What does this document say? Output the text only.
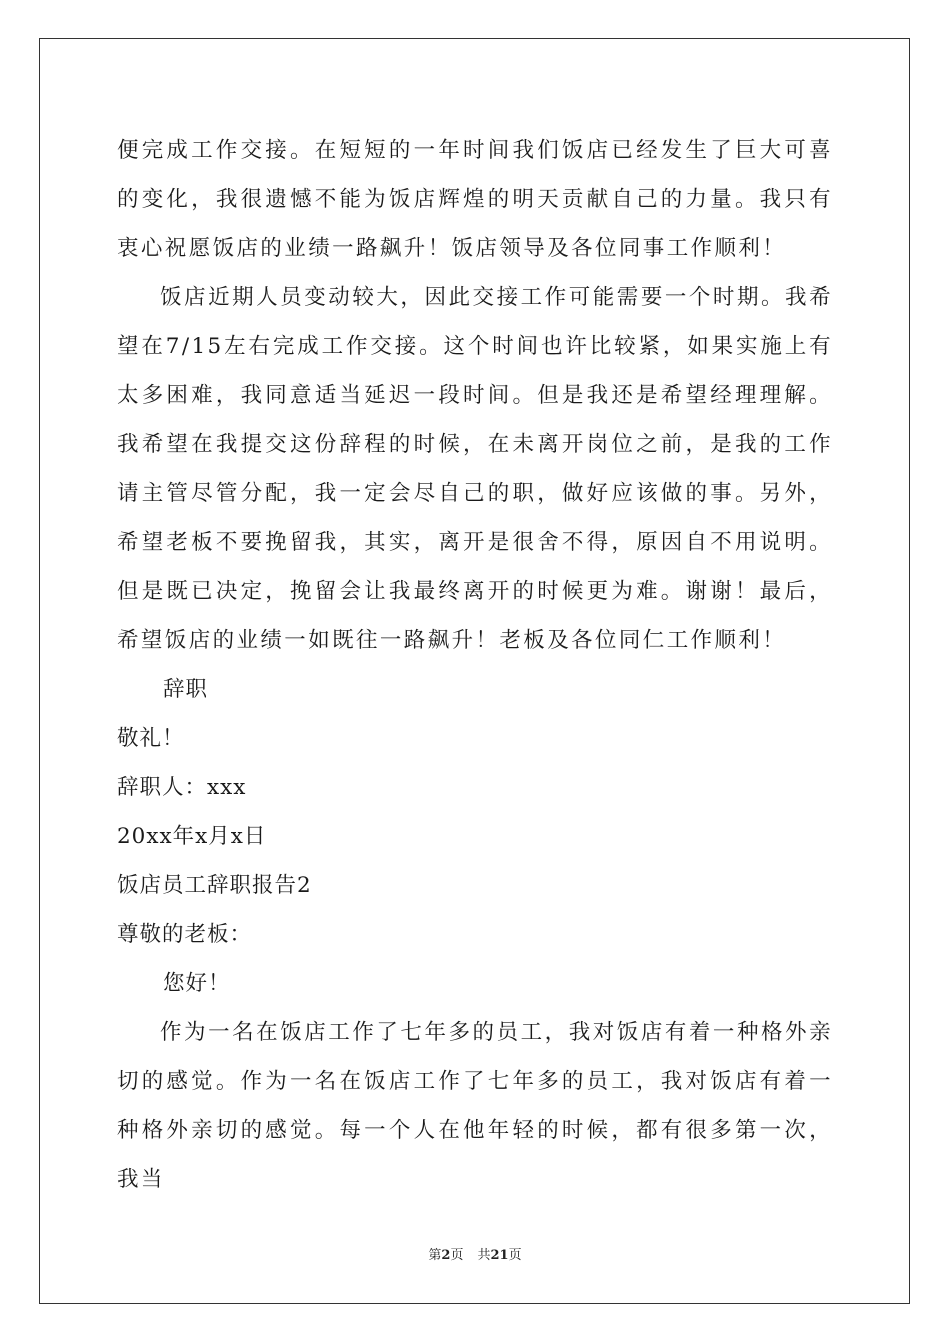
便完成工作交接。在短短的一年时间我们饭店已经发生了巨大可喜的变化，我很遗憾不能为饭店辉煌的明天贡献自己的力量。我只有衷心祝愿饭店的业绩一路飙升！饭店领导及各位同事工作顺利！

饭店近期人员变动较大，因此交接工作可能需要一个时期。我希望在7/15左右完成工作交接。这个时间也许比较紧，如果实施上有太多困难，我同意适当延迟一段时间。但是我还是希望经理理解。我希望在我提交这份辞程的时候，在未离开岗位之前，是我的工作请主管尽管分配，我一定会尽自己的职，做好应该做的事。另外，希望老板不要挽留我，其实，离开是很舍不得，原因自不用说明。但是既已决定，挽留会让我最终离开的时候更为难。谢谢！最后，希望饭店的业绩一如既往一路飙升！老板及各位同仁工作顺利！

辞职

敬礼！

辞职人：xxx

20xx年x月x日

饭店员工辞职报告2

尊敬的老板：

您好！

作为一名在饭店工作了七年多的员工，我对饭店有着一种格外亲切的感觉。作为一名在饭店工作了七年多的员工，我对饭店有着一种格外亲切的感觉。每一个人在他年轻的时候，都有很多第一次，我当

第2页 共21页
